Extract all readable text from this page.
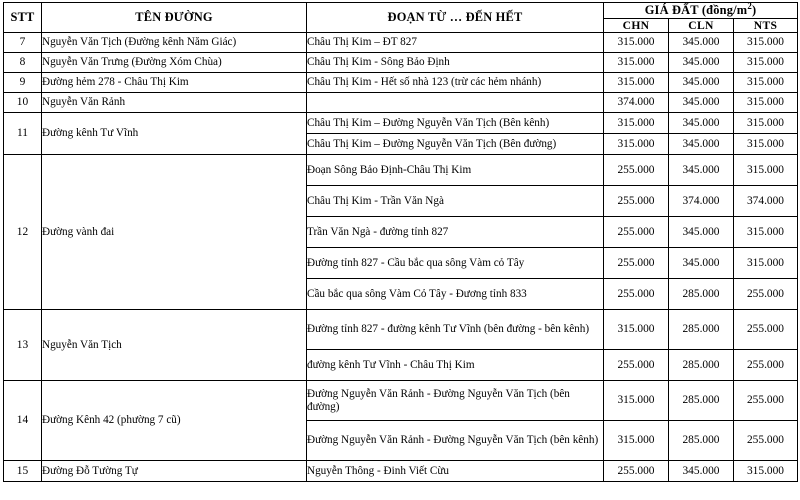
STT	TÊN ĐƯỜNG	ĐOẠN TỪ … ĐẾN HẾT	GIÁ ĐẤT $(đồng/m^2)$		
			CHN	CLN	NTS
7	Nguyễn Văn Tịch (Đường kênh Năm Giác)	Châu Thị Kim – ĐT 827	315.000	345.000	315.000
8	Nguyễn Văn Trưng (Đường Xóm Chùa)	Châu Thị Kim - Sông Bảo Định	315.000	345.000	315.000
9	Đường hẻm 278 - Châu Thị Kim	Châu Thị Kim - Hết số nhà 123 (trừ các hẻm nhánh)	315.000	345.000	315.000
10	Nguyễn Văn Rảnh		374.000	345.000	315.000
11	Đường kênh Tư Vĩnh	Châu Thị Kim – Đường Nguyễn Văn Tịch (Bên kênh)	315.000	345.000	315.000
		Châu Thị Kim – Đường Nguyễn Văn Tịch (Bên đường)	315.000	345.000	315.000
12	Đường vành đai	Đoạn Sông Bảo Định-Châu Thị Kim	255.000	345.000	315.000
		Châu Thị Kim - Trần Văn Ngà	255.000	374.000	374.000
		Trần Văn Ngà - đường tỉnh 827	255.000	345.000	315.000
		Đường tỉnh 827 - Cầu bắc qua sông Vàm cỏ Tây	255.000	345.000	315.000
		Cầu bắc qua sông Vàm Cỏ Tây - Đương tỉnh 833	255.000	285.000	255.000
13	Nguyễn Văn Tịch	Đường tỉnh 827 - đường kênh Tư Vĩnh (bên đường - bên kênh)	315.000	285.000	255.000
		đường kênh Tư Vĩnh - Châu Thị Kim	255.000	285.000	255.000
14	Đường Kênh 42 (phường 7 cũ)	Đường Nguyễn Văn Rảnh - Đường Nguyễn Văn Tịch (bên đường)	315.000	285.000	255.000
		Đường Nguyễn Văn Rảnh - Đường Nguyễn Văn Tịch (bên kênh)	315.000	285.000	255.000
15	Đường Đỗ Tường Tự	Nguyễn Thông - Đinh Viết Cừu	255.000	345.000	315.000
